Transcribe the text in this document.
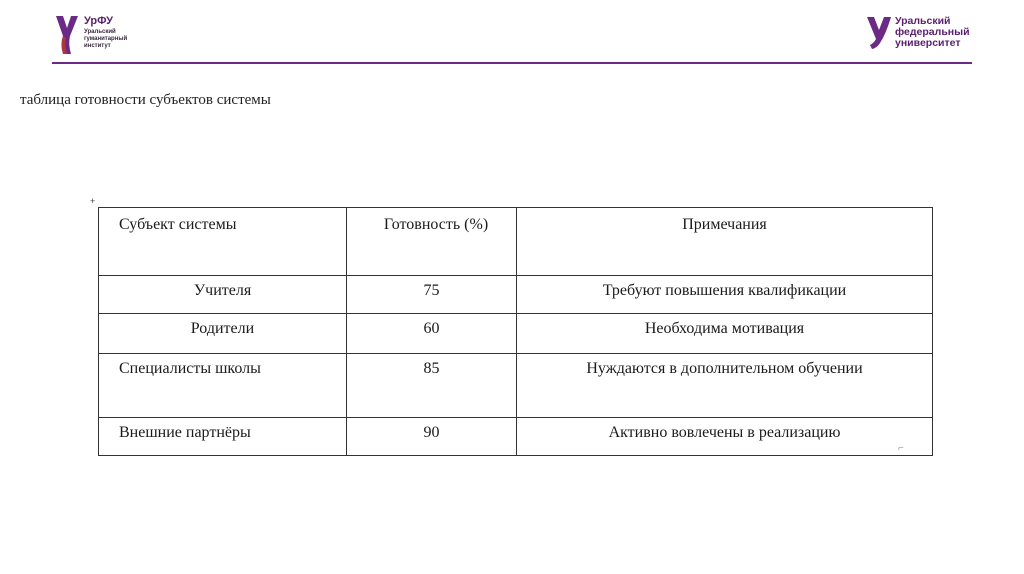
УрФУ
Уральский
гуманитарный
институт
Уральский
федеральный
университет
таблица готовности субъектов системы
+
Субъект системы	Готовность (%)	Примечания
Учителя	75	Требуют повышения квалификации
Родители	60	Необходима мотивация
Специалисты школы	85	Нуждаются в дополнительном обучении
Внешние партнёры	90	Активно вовлечены в реализацию
⌐
